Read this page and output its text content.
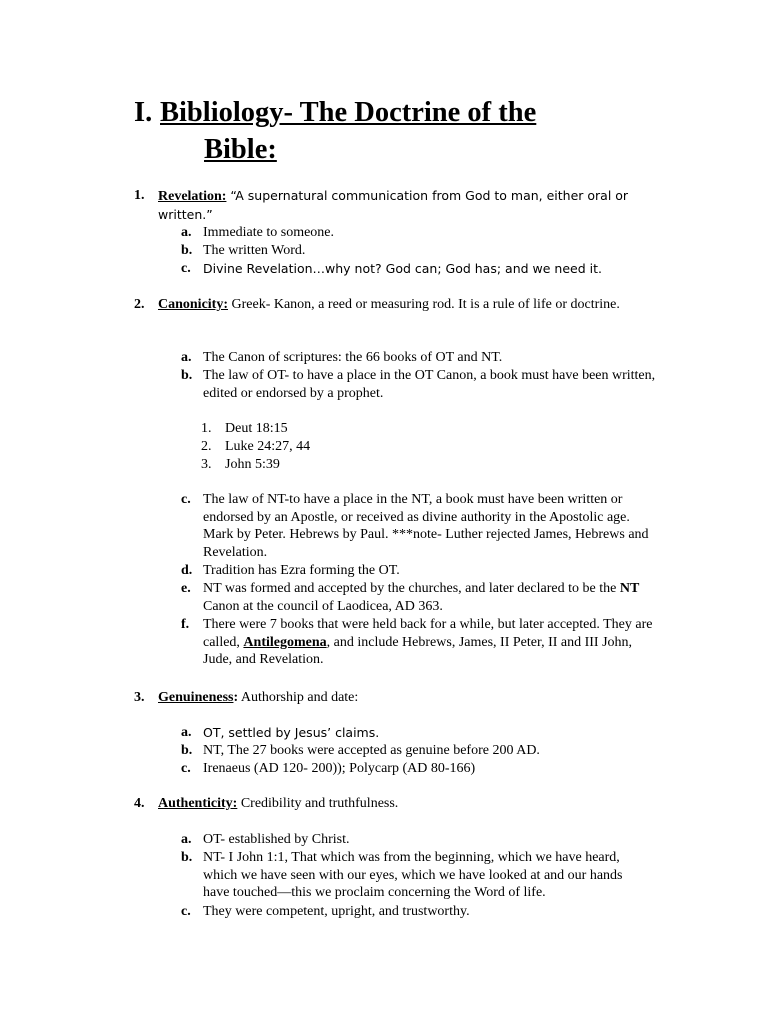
I. Bibliology- The Doctrine of the
Bible:
1. Revelation: “A supernatural communication from God to man, either oral or written.”
a. Immediate to someone.
b. The written Word.
c. Divine Revelation…why not? God can; God has; and we need it.
2. Canonicity: Greek- Kanon, a reed or measuring rod. It is a rule of life or doctrine.
a. The Canon of scriptures: the 66 books of OT and NT.
b. The law of OT- to have a place in the OT Canon, a book must have been written, edited or endorsed by a prophet.
1. Deut 18:15
2. Luke 24:27, 44
3. John 5:39
c. The law of NT-to have a place in the NT, a book must have been written or endorsed by an Apostle, or received as divine authority in the Apostolic age. Mark by Peter. Hebrews by Paul. ***note- Luther rejected James, Hebrews and Revelation.
d. Tradition has Ezra forming the OT.
e. NT was formed and accepted by the churches, and later declared to be the NT Canon at the council of Laodicea, AD 363.
f. There were 7 books that were held back for a while, but later accepted. They are called, Antilegomena, and include Hebrews, James, II Peter, II and III John, Jude, and Revelation.
3. Genuineness: Authorship and date:
a. OT, settled by Jesus’ claims.
b. NT, The 27 books were accepted as genuine before 200 AD.
c. Irenaeus (AD 120- 200)); Polycarp (AD 80-166)
4. Authenticity: Credibility and truthfulness.
a. OT- established by Christ.
b. NT- I John 1:1, That which was from the beginning, which we have heard, which we have seen with our eyes, which we have looked at and our hands have touched—this we proclaim concerning the Word of life.
c. They were competent, upright, and trustworthy.
